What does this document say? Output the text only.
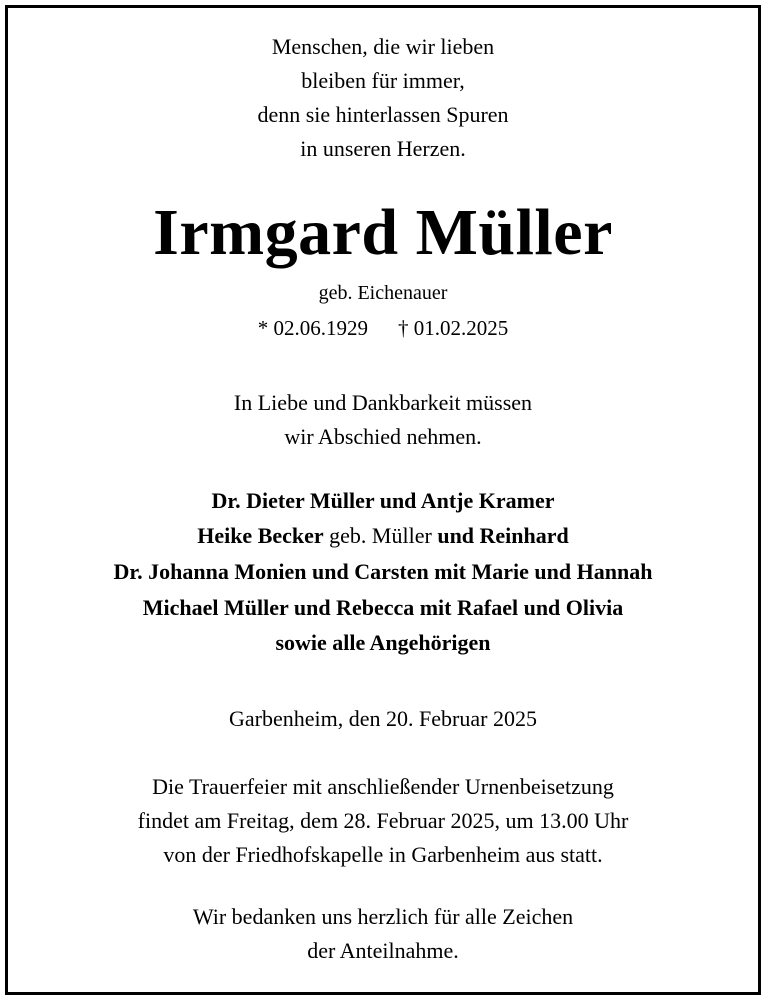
Menschen, die wir lieben
bleiben für immer,
denn sie hinterlassen Spuren
in unseren Herzen.
Irmgard Müller
geb. Eichenauer
* 02.06.1929 † 01.02.2025
In Liebe und Dankbarkeit müssen
wir Abschied nehmen.
Dr. Dieter Müller und Antje Kramer
Heike Becker geb. Müller und Reinhard
Dr. Johanna Monien und Carsten mit Marie und Hannah
Michael Müller und Rebecca mit Rafael und Olivia
sowie alle Angehörigen
Garbenheim, den 20. Februar 2025
Die Trauerfeier mit anschließender Urnenbeisetzung
findet am Freitag, dem 28. Februar 2025, um 13.00 Uhr
von der Friedhofskapelle in Garbenheim aus statt.
Wir bedanken uns herzlich für alle Zeichen
der Anteilnahme.
